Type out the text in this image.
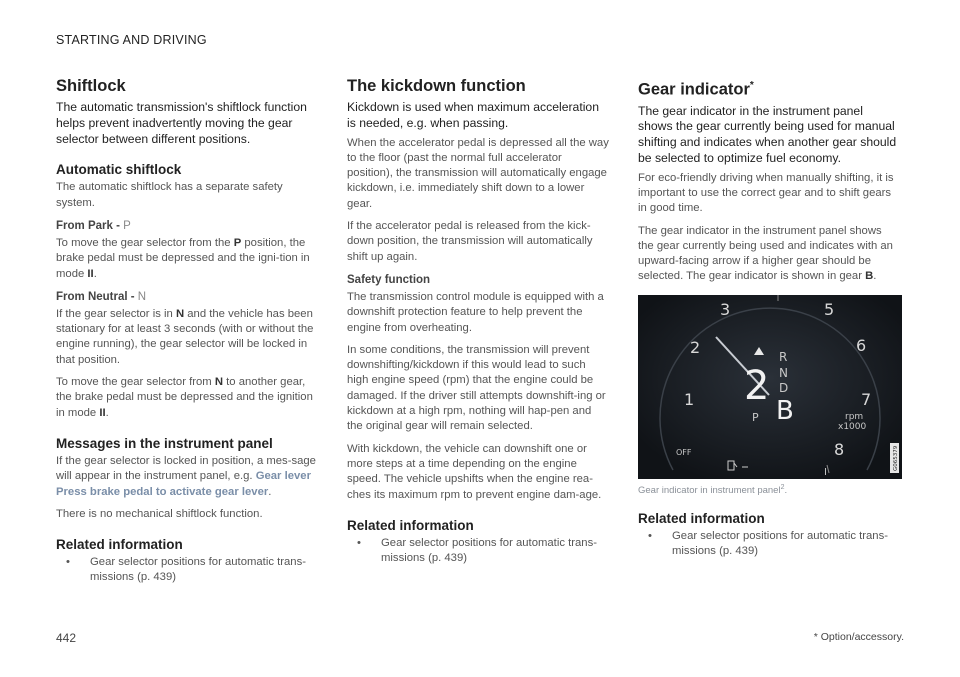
STARTING AND DRIVING
Shiftlock

The automatic transmission's shiftlock function helps prevent inadvertently moving the gear selector between different positions.

Automatic shiftlock

The automatic shiftlock has a separate safety system.

From Park - P

To move the gear selector from the P position, the brake pedal must be depressed and the igni-tion in mode II.

From Neutral - N

If the gear selector is in N and the vehicle has been stationary for at least 3 seconds (with or without the engine running), the gear selector will be locked in that position.

To move the gear selector from N to another gear, the brake pedal must be depressed and the ignition in mode II.

Messages in the instrument panel

If the gear selector is locked in position, a mes-sage will appear in the instrument panel, e.g. Gear lever Press brake pedal to activate gear lever.

There is no mechanical shiftlock function.

Related information
• Gear selector positions for automatic trans-missions (p. 439)
The kickdown function

Kickdown is used when maximum acceleration is needed, e.g. when passing.

When the accelerator pedal is depressed all the way to the floor (past the normal full accelerator position), the transmission will automatically engage kickdown, i.e. immediately shift down to a lower gear.

If the accelerator pedal is released from the kick-down position, the transmission will automatically shift up again.

Safety function

The transmission control module is equipped with a downshift protection feature to help prevent the engine from overheating.

In some conditions, the transmission will prevent downshifting/kickdown if this would lead to such high engine speed (rpm) that the engine could be damaged. If the driver still attempts downshift-ing or kickdown at a high rpm, nothing will hap-pen and the original gear will remain selected.

With kickdown, the vehicle can downshift one or more steps at a time depending on the engine speed. The vehicle upshifts when the engine rea-ches its maximum rpm to prevent engine dam-age.

Related information
• Gear selector positions for automatic trans-missions (p. 439)
Gear indicator*

The gear indicator in the instrument panel shows the gear currently being used for manual shifting and indicates when another gear should be selected to optimize fuel economy.

For eco-friendly driving when manually shifting, it is important to use the correct gear and to shift gears in good time.

The gear indicator in the instrument panel shows the gear currently being used and indicates with an upward-facing arrow if a higher gear should be selected. The gear indicator is shown in gear B.

1
2
3	5
6
7
8
2
P
R
N
D
B	rpm
x1000
OFF
I
G065379
Gear indicator in instrument panel$^2$.
Related information
• Gear selector positions for automatic trans-missions (p. 439)
442	* Option/accessory.
